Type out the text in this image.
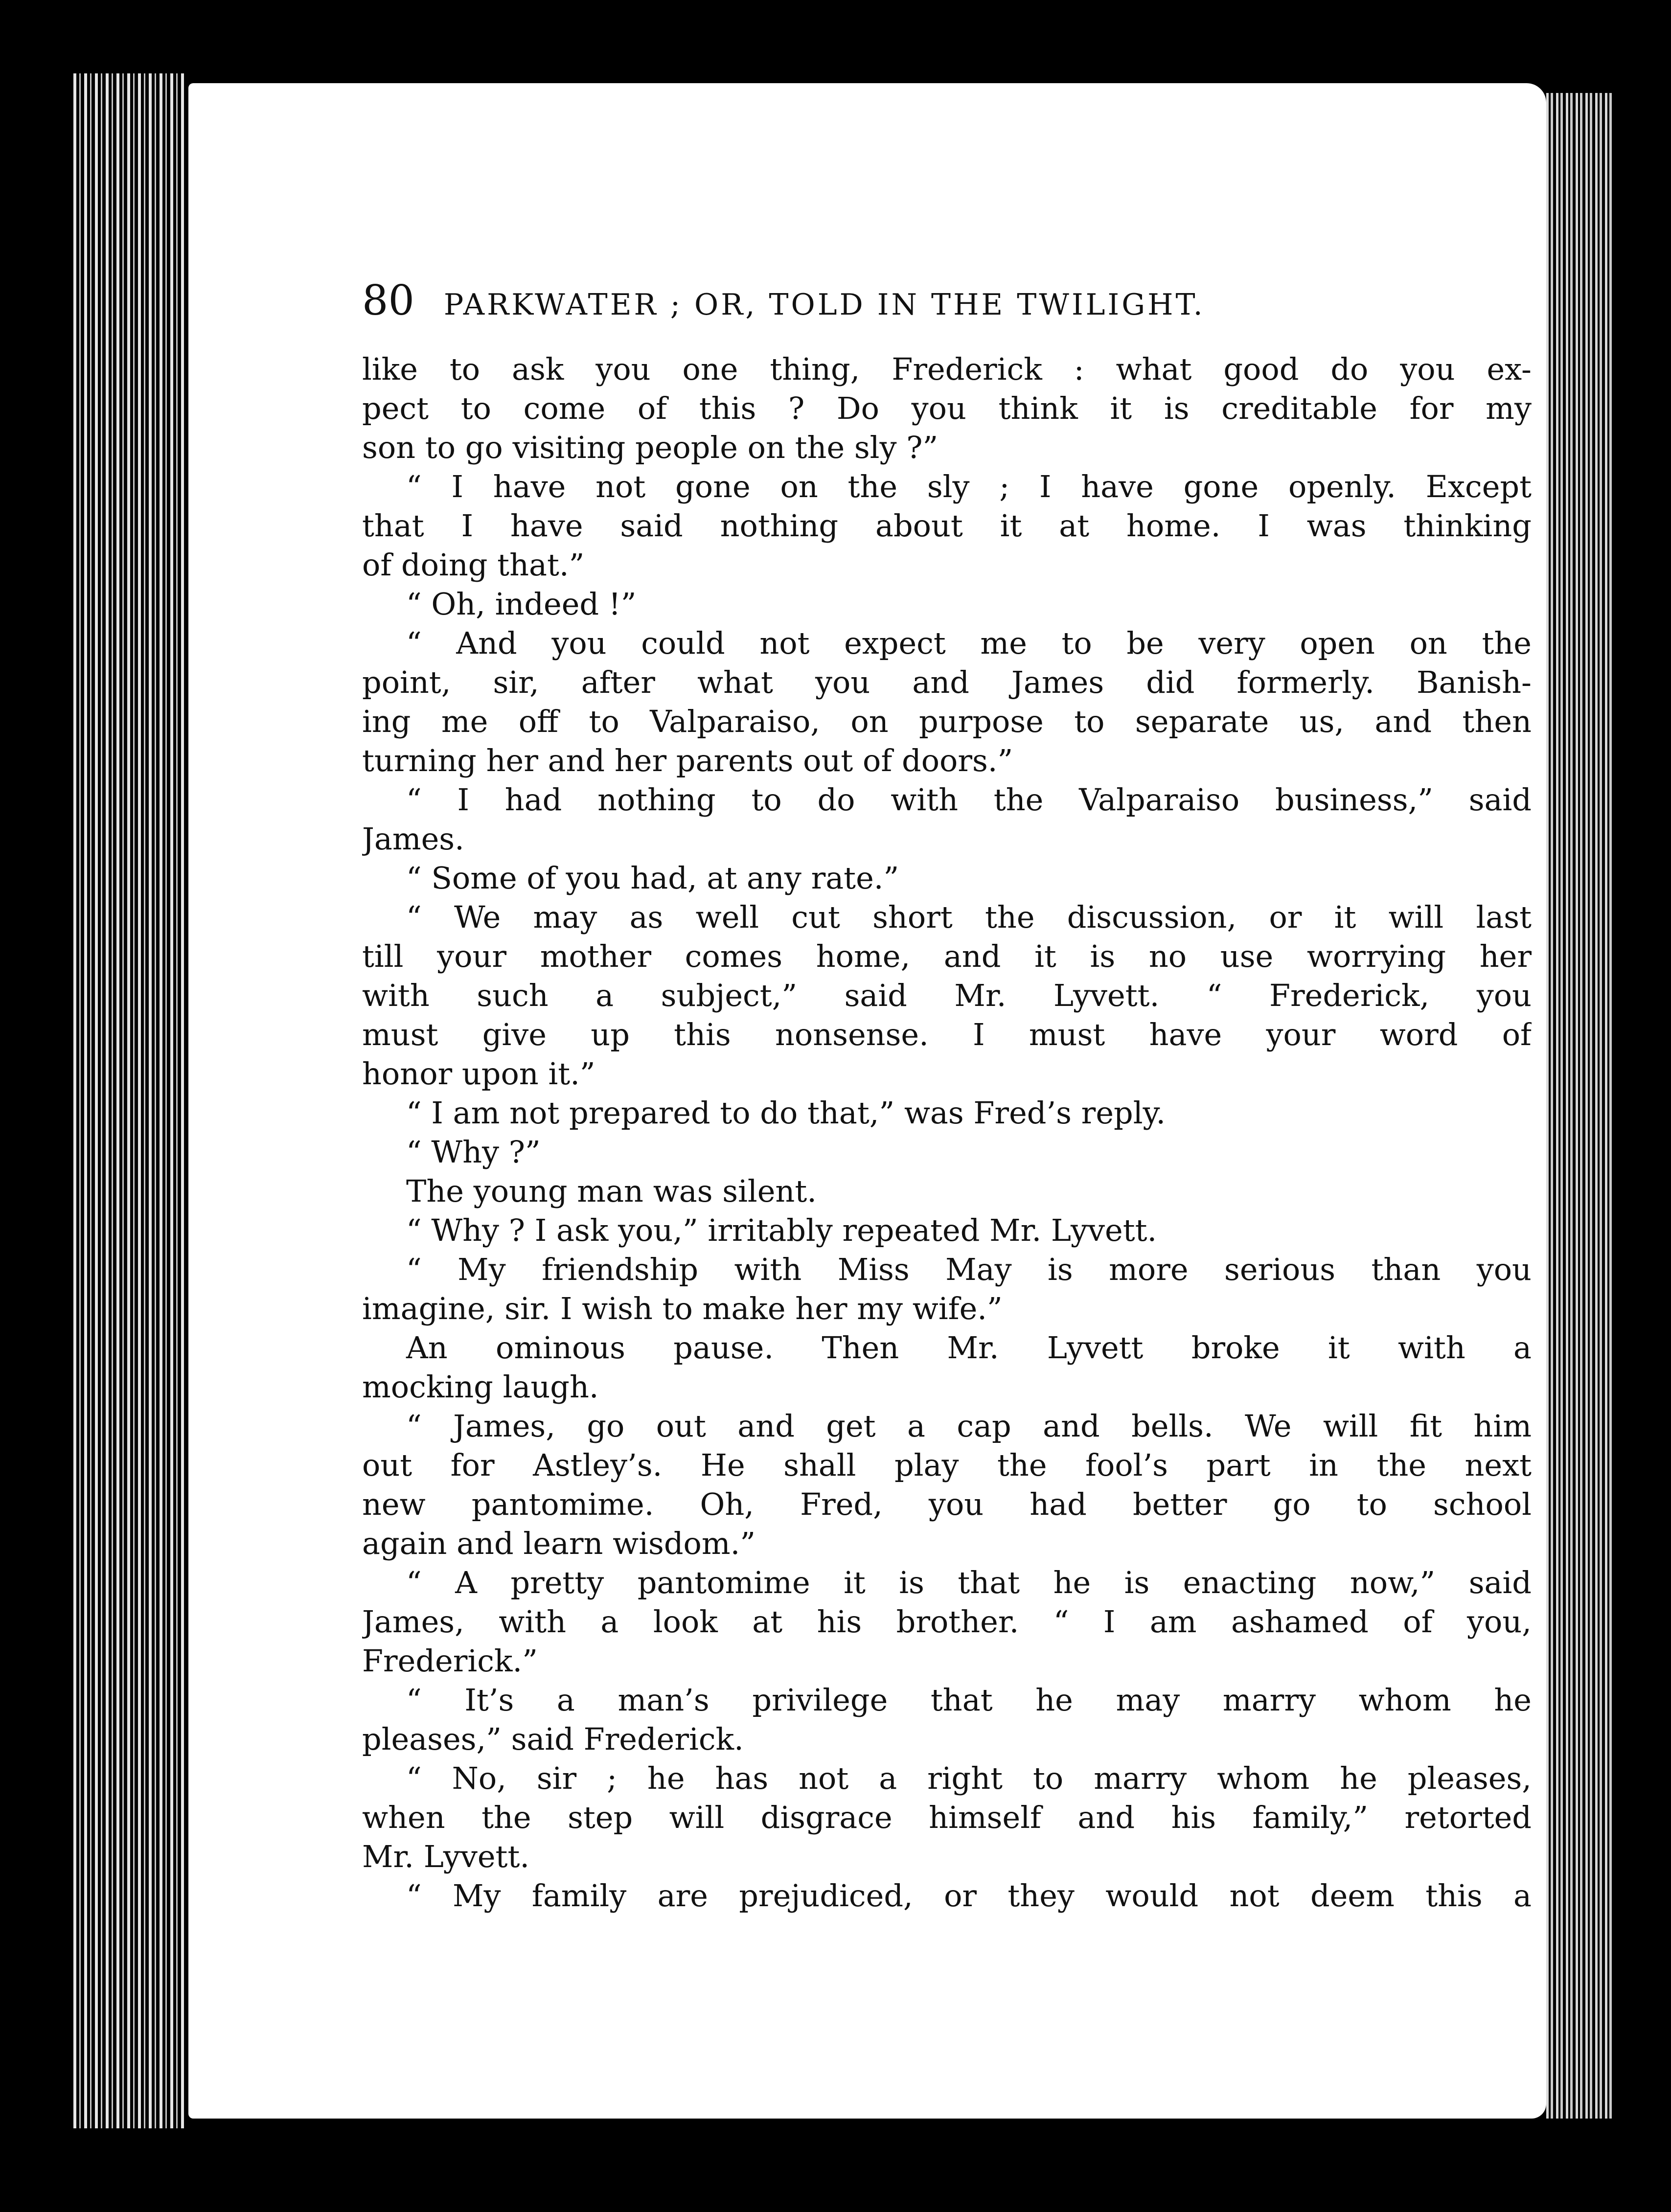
80 PARKWATER ; OR, TOLD IN THE TWILIGHT.
like to ask you one thing, Frederick : what good do you ex-
pect to come of this ? Do you think it is creditable for my
son to go visiting people on the sly ?”
“ I have not gone on the sly ; I have gone openly. Except
that I have said nothing about it at home. I was thinking
of doing that.”
“ Oh, indeed !”
“ And you could not expect me to be very open on the
point, sir, after what you and James did formerly. Banish-
ing me off to Valparaiso, on purpose to separate us, and then
turning her and her parents out of doors.”
“ I had nothing to do with the Valparaiso business,” said
James.
“ Some of you had, at any rate.”
“ We may as well cut short the discussion, or it will last
till your mother comes home, and it is no use worrying her
with such a subject,” said Mr. Lyvett. “ Frederick, you
must give up this nonsense. I must have your word of
honor upon it.”
“ I am not prepared to do that,” was Fred’s reply.
“ Why ?”
The young man was silent.
“ Why ? I ask you,” irritably repeated Mr. Lyvett.
“ My friendship with Miss May is more serious than you
imagine, sir. I wish to make her my wife.”
An ominous pause. Then Mr. Lyvett broke it with a
mocking laugh.
“ James, go out and get a cap and bells. We will fit him
out for Astley’s. He shall play the fool’s part in the next
new pantomime. Oh, Fred, you had better go to school
again and learn wisdom.”
“ A pretty pantomime it is that he is enacting now,” said
James, with a look at his brother. “ I am ashamed of you,
Frederick.”
“ It’s a man’s privilege that he may marry whom he
pleases,” said Frederick.
“ No, sir ; he has not a right to marry whom he pleases,
when the step will disgrace himself and his family,” retorted
Mr. Lyvett.
“ My family are prejudiced, or they would not deem this a
